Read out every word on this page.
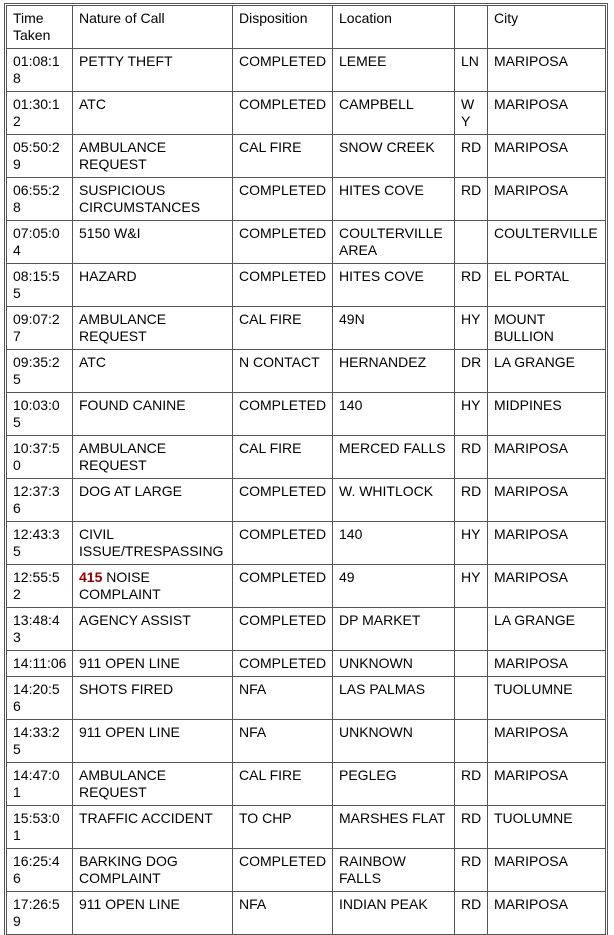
Time Taken	Nature of Call	Disposition	Location		City
01:08:18	PETTY THEFT	COMPLETED	LEMEE	LN	MARIPOSA
01:30:12	ATC	COMPLETED	CAMPBELL	WY	MARIPOSA
05:50:29	AMBULANCE REQUEST	CAL FIRE	SNOW CREEK	RD	MARIPOSA
06:55:28	SUSPICIOUS CIRCUMSTANCES	COMPLETED	HITES COVE	RD	MARIPOSA
07:05:04	5150 W&I	COMPLETED	COULTERVILLE AREA		COULTERVILLE
08:15:55	HAZARD	COMPLETED	HITES COVE	RD	EL PORTAL
09:07:27	AMBULANCE REQUEST	CAL FIRE	49N	HY	MOUNT BULLION
09:35:25	ATC	N CONTACT	HERNANDEZ	DR	LA GRANGE
10:03:05	FOUND CANINE	COMPLETED	140	HY	MIDPINES
10:37:50	AMBULANCE REQUEST	CAL FIRE	MERCED FALLS	RD	MARIPOSA
12:37:36	DOG AT LARGE	COMPLETED	W. WHITLOCK	RD	MARIPOSA
12:43:35	CIVIL ISSUE/TRESPASSING	COMPLETED	140	HY	MARIPOSA
12:55:52	415 NOISE COMPLAINT	COMPLETED	49	HY	MARIPOSA
13:48:43	AGENCY ASSIST	COMPLETED	DP MARKET		LA GRANGE
14:11:06	911 OPEN LINE	COMPLETED	UNKNOWN		MARIPOSA
14:20:56	SHOTS FIRED	NFA	LAS PALMAS		TUOLUMNE
14:33:25	911 OPEN LINE	NFA	UNKNOWN		MARIPOSA
14:47:01	AMBULANCE REQUEST	CAL FIRE	PEGLEG	RD	MARIPOSA
15:53:01	TRAFFIC ACCIDENT	TO CHP	MARSHES FLAT	RD	TUOLUMNE
16:25:46	BARKING DOG COMPLAINT	COMPLETED	RAINBOW FALLS	RD	MARIPOSA
17:26:59	911 OPEN LINE	NFA	INDIAN PEAK	RD	MARIPOSA
